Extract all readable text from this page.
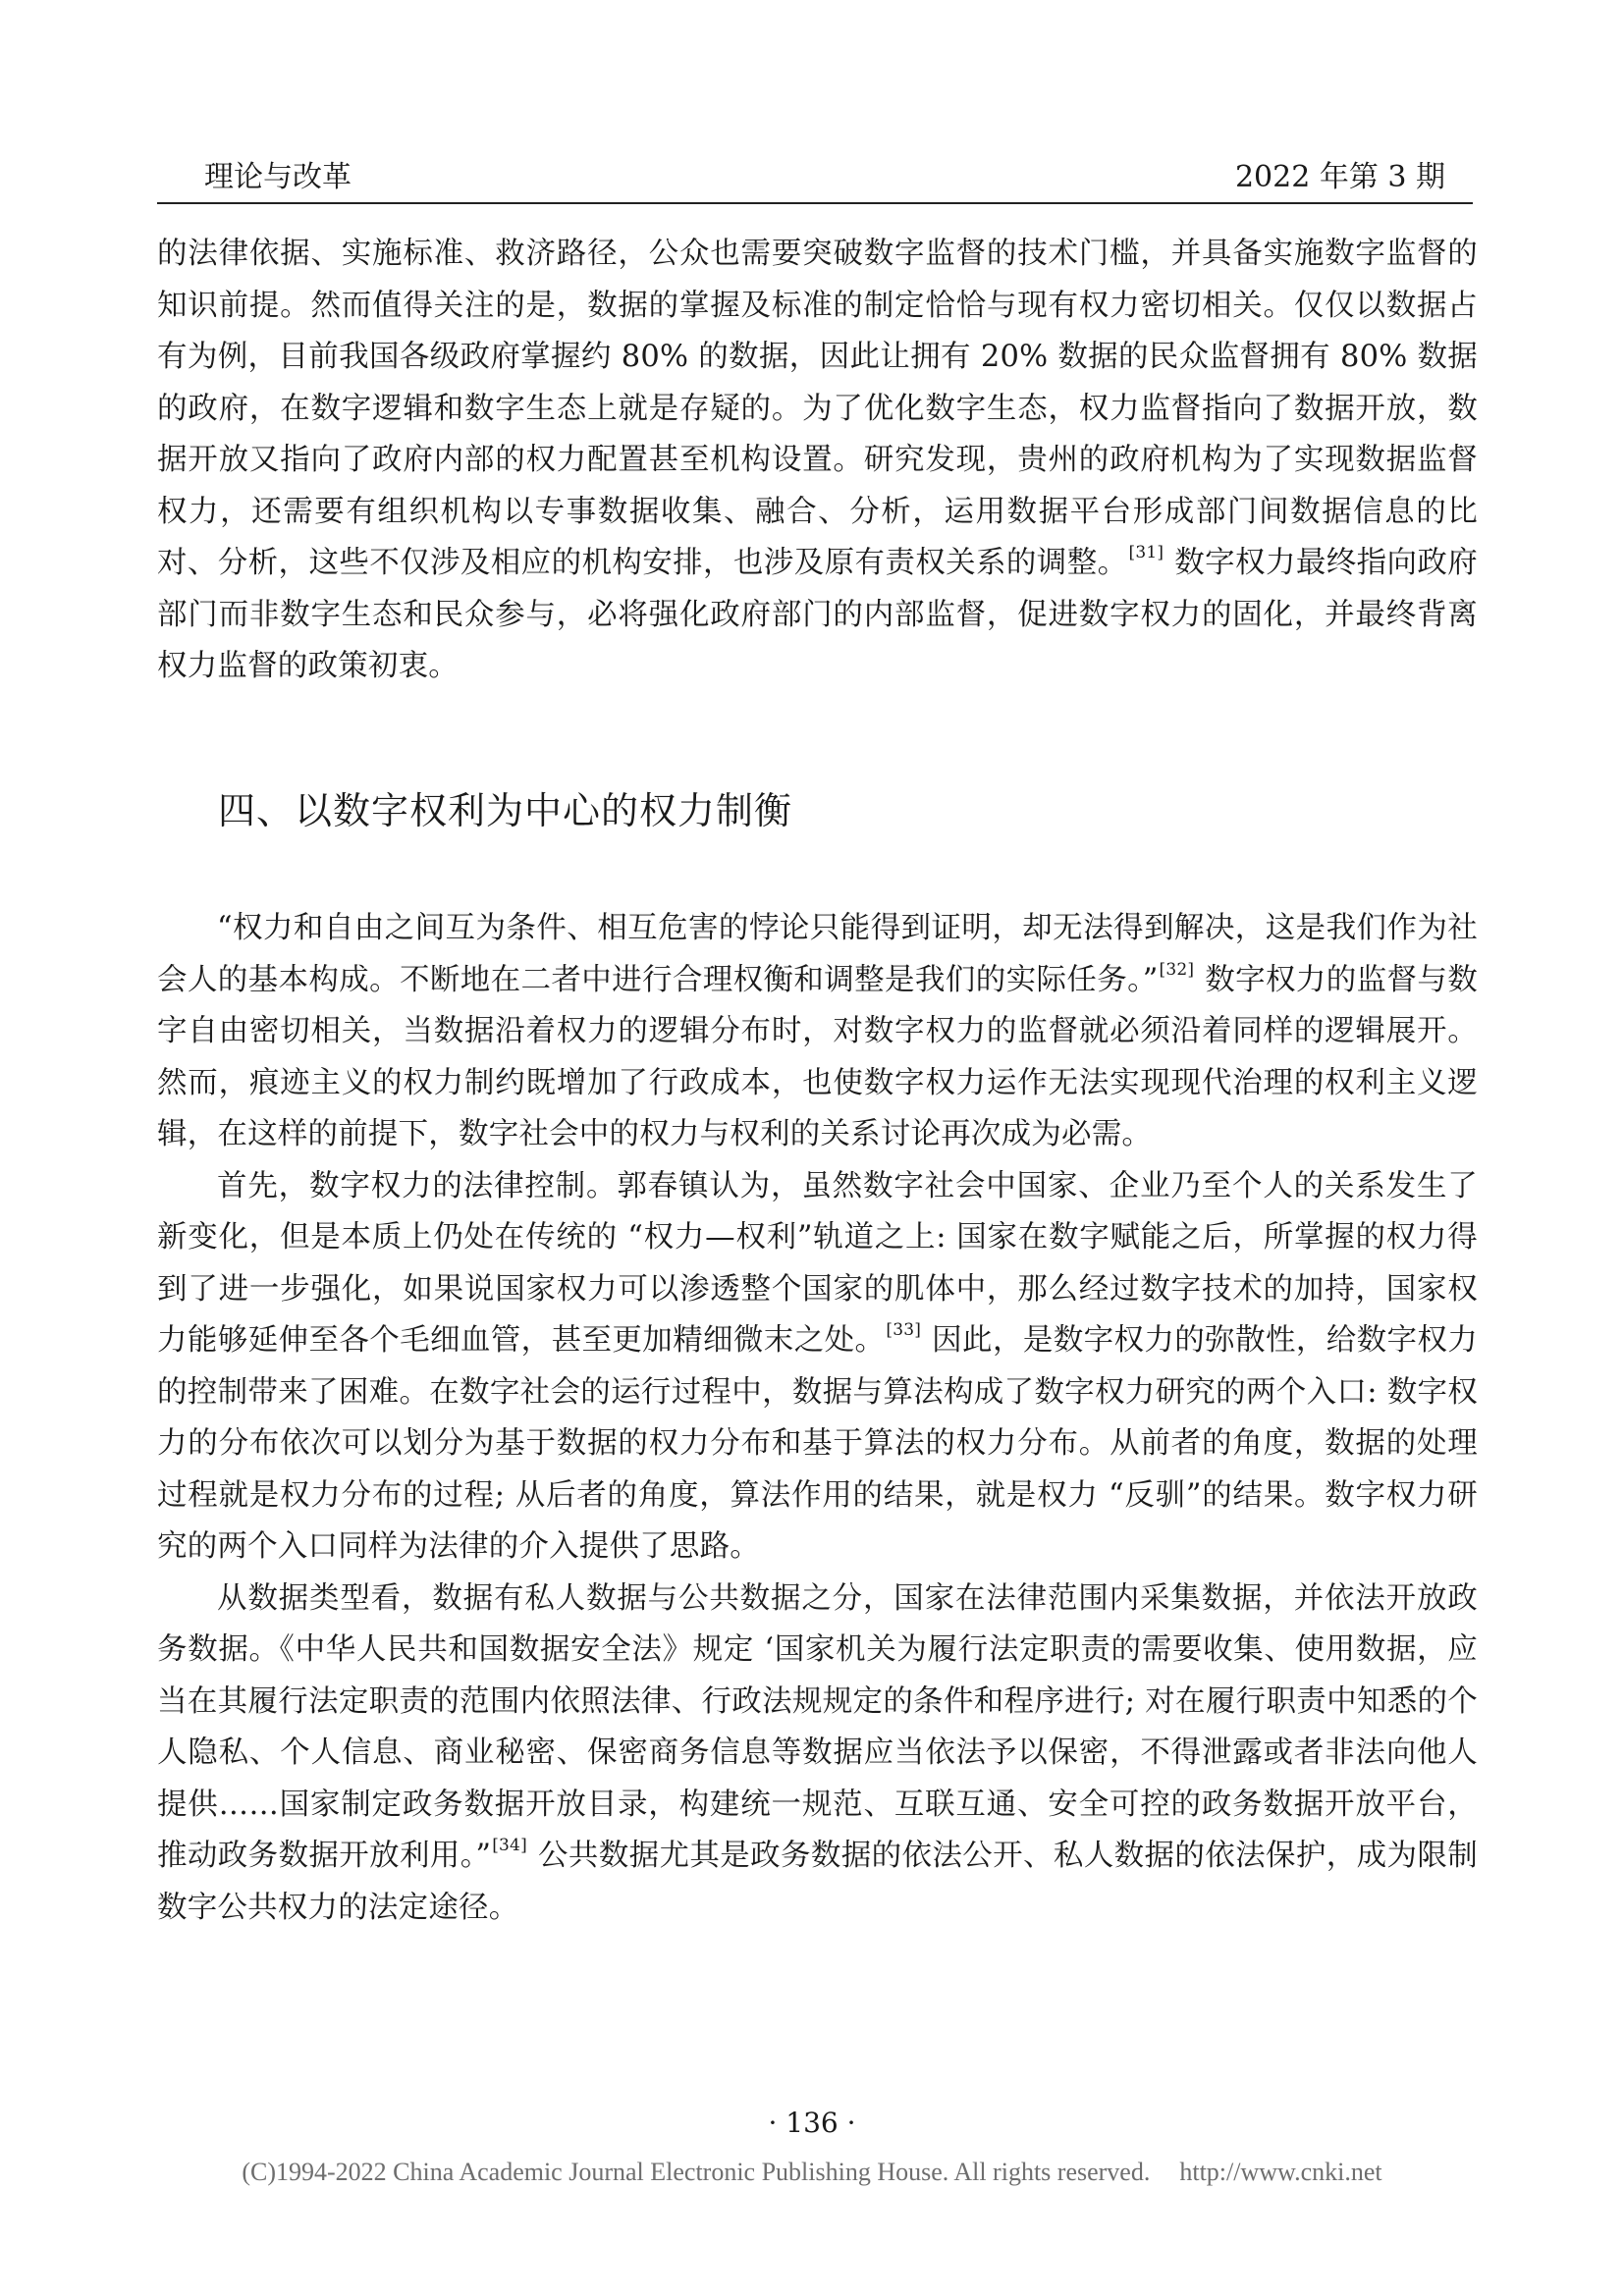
理论与改革	2022 年第 3 期

的法律依据、实施标准、救济路径，公众也需要突破数字监督的技术门槛，并具备实施数字监督的知识前提。然而值得关注的是，数据的掌握及标准的制定恰恰与现有权力密切相关。仅仅以数据占有为例，目前我国各级政府掌握约 80% 的数据，因此让拥有 20% 数据的民众监督拥有 80% 数据的政府，在数字逻辑和数字生态上就是存疑的。为了优化数字生态，权力监督指向了数据开放，数据开放又指向了政府内部的权力配置甚至机构设置。研究发现，贵州的政府机构为了实现数据监督权力，还需要有组织机构以专事数据收集、融合、分析，运用数据平台形成部门间数据信息的比对、分析，这些不仅涉及相应的机构安排，也涉及原有责权关系的调整。[31] 数字权力最终指向政府部门而非数字生态和民众参与，必将强化政府部门的内部监督，促进数字权力的固化，并最终背离权力监督的政策初衷。

四、以数字权利为中心的权力制衡

“权力和自由之间互为条件、相互危害的悖论只能得到证明，却无法得到解决，这是我们作为社会人的基本构成。不断地在二者中进行合理权衡和调整是我们的实际任务。”[32] 数字权力的监督与数字自由密切相关，当数据沿着权力的逻辑分布时，对数字权力的监督就必须沿着同样的逻辑展开。然而，痕迹主义的权力制约既增加了行政成本，也使数字权力运作无法实现现代治理的权利主义逻辑，在这样的前提下，数字社会中的权力与权利的关系讨论再次成为必需。

首先，数字权力的法律控制。郭春镇认为，虽然数字社会中国家、企业乃至个人的关系发生了新变化，但是本质上仍处在传统的 “权力—权利”轨道之上: 国家在数字赋能之后，所掌握的权力得到了进一步强化，如果说国家权力可以渗透整个国家的肌体中，那么经过数字技术的加持，国家权力能够延伸至各个毛细血管，甚至更加精细微末之处。[33] 因此，是数字权力的弥散性，给数字权力的控制带来了困难。在数字社会的运行过程中，数据与算法构成了数字权力研究的两个入口: 数字权力的分布依次可以划分为基于数据的权力分布和基于算法的权力分布。从前者的角度，数据的处理过程就是权力分布的过程; 从后者的角度，算法作用的结果，就是权力 “反驯”的结果。数字权力研究的两个入口同样为法律的介入提供了思路。

从数据类型看，数据有私人数据与公共数据之分，国家在法律范围内采集数据，并依法开放政务数据。《中华人民共和国数据安全法》规定 ‘国家机关为履行法定职责的需要收集、使用数据，应当在其履行法定职责的范围内依照法律、行政法规规定的条件和程序进行; 对在履行职责中知悉的个人隐私、个人信息、商业秘密、保密商务信息等数据应当依法予以保密，不得泄露或者非法向他人提供……国家制定政务数据开放目录，构建统一规范、互联互通、安全可控的政务数据开放平台，推动政务数据开放利用。”[34] 公共数据尤其是政务数据的依法公开、私人数据的依法保护，成为限制数字公共权力的法定途径。

· 136 ·
(C)1994-2022 China Academic Journal Electronic Publishing House. All rights reserved. http://www.cnki.net
